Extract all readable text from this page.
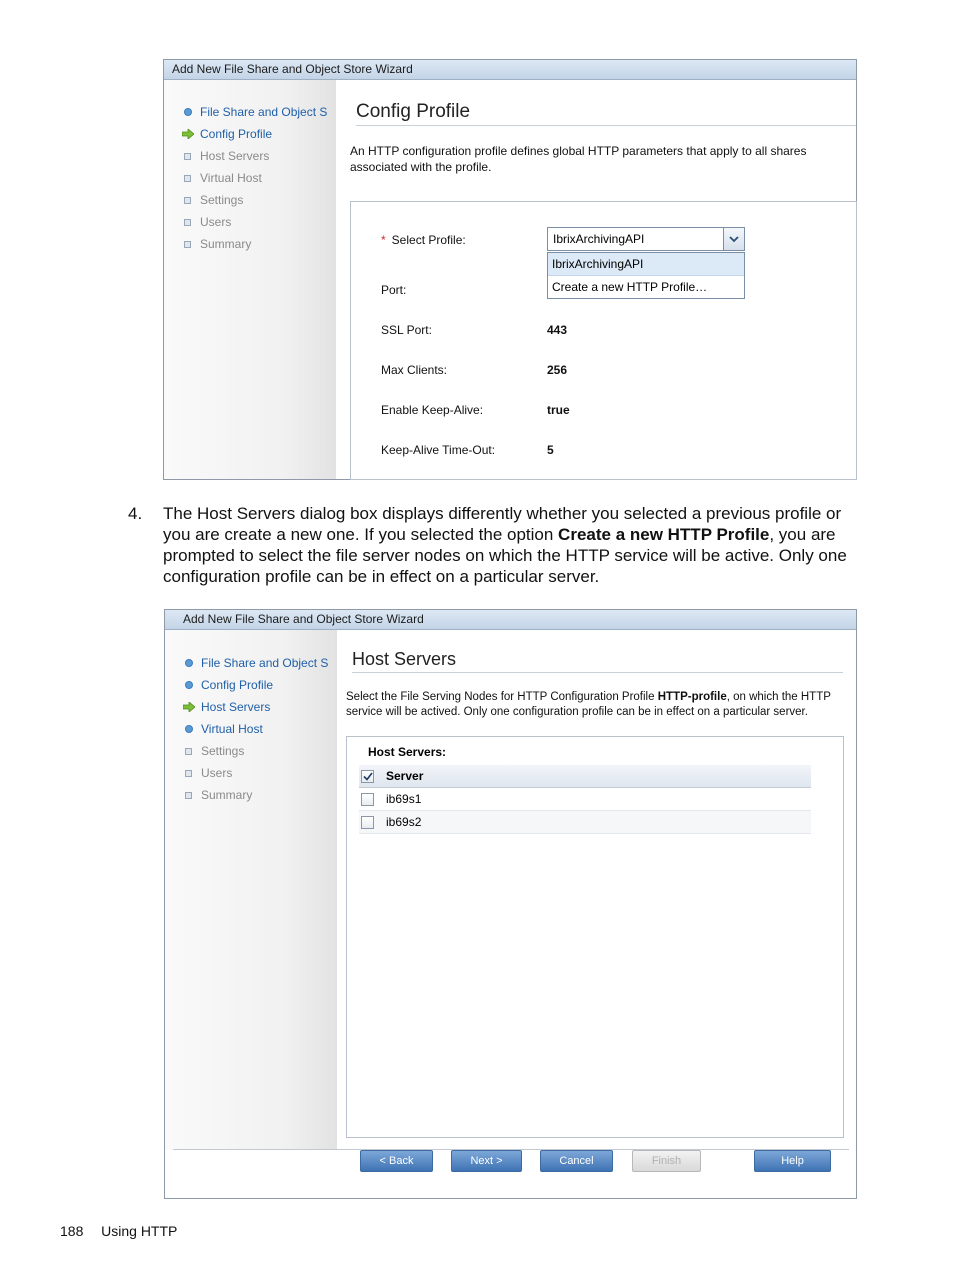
Add New File Share and Object Store Wizard
File Share and Object S
Config Profile
Host Servers
Virtual Host
Settings
Users
Summary
Config Profile
An HTTP configuration profile defines global HTTP parameters that apply to all shares associated with the profile.
* Select Profile:	IbrixArchivingAPI
IbrixArchivingAPI
Create a new HTTP Profile…
Port:
SSL Port:	443
Max Clients:	256
Enable Keep-Alive:	true
Keep-Alive Time-Out:	5
4. The Host Servers dialog box displays differently whether you selected a previous profile or you are create a new one. If you selected the option Create a new HTTP Profile, you are prompted to select the file server nodes on which the HTTP service will be active. Only one configuration profile can be in effect on a particular server.
Add New File Share and Object Store Wizard
File Share and Object S
Config Profile
Host Servers
Virtual Host
Settings
Users
Summary
Host Servers
Select the File Serving Nodes for HTTP Configuration Profile HTTP-profile, on which the HTTP service will be actived. Only one configuration profile can be in effect on a particular server.
Host Servers:
Server
ib69s1
ib69s2
< Back	Next >	Cancel	Finish	Help
188 Using HTTP
